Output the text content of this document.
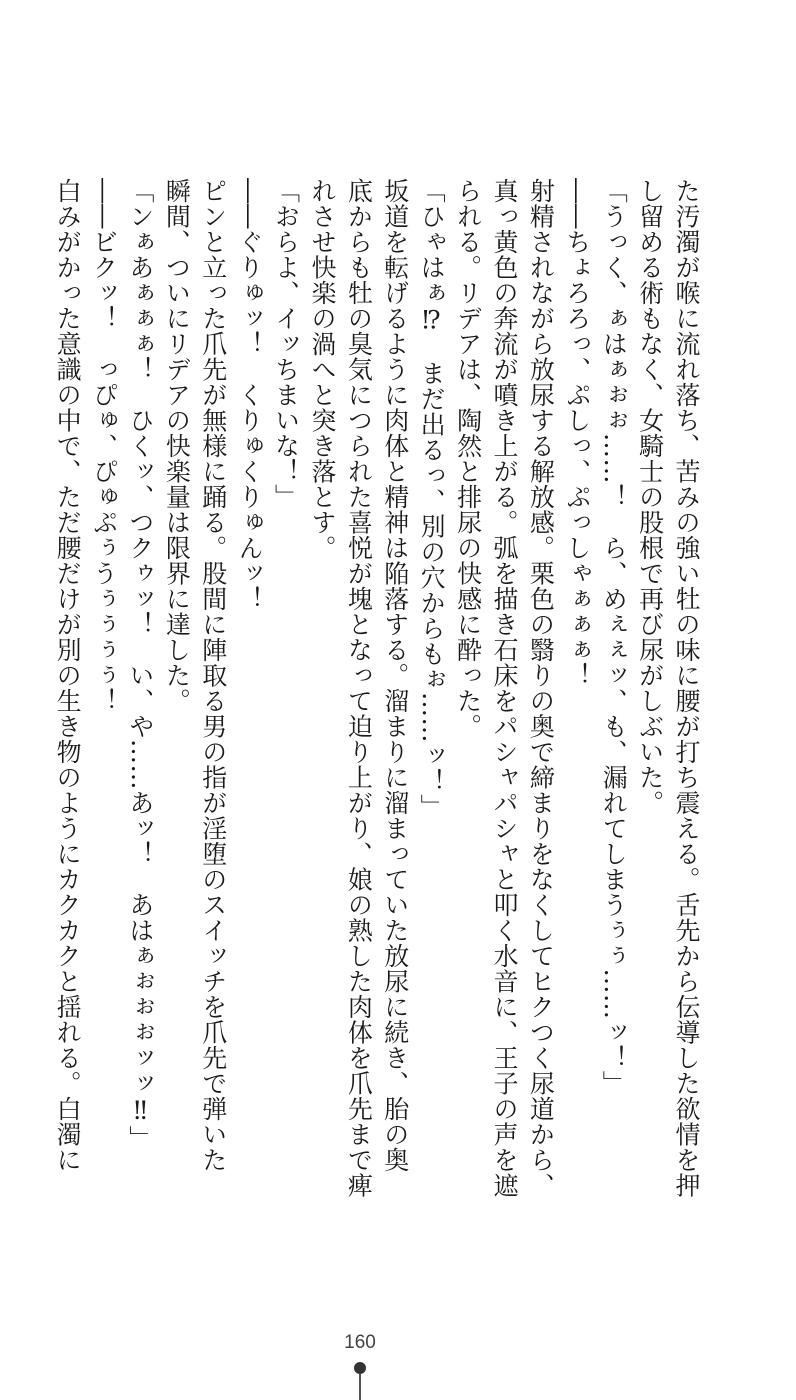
た汚濁が喉に流れ落ち、苦みの強い牡の味に腰が打ち震える。舌先から伝導した欲情を押
し留める術もなく、女騎士の股根で再び尿がしぶいた。
「うっく、ぁはぁぉぉ……！　ら、めぇぇッ、も、漏れてしまうぅぅ……ッ！」
――ちょろろっ、ぷしっ、ぷっしゃぁぁぁ！
射精されながら放尿する解放感。栗色の翳りの奥で締まりをなくしてヒクつく尿道から、
真っ黄色の奔流が噴き上がる。弧を描き石床をパシャパシャと叩く水音に、王子の声を遮
られる。リデアは、陶然と排尿の快感に酔った。
「ひゃはぁ⁉　まだ出るっ、別の穴からもぉ……ッ！」
坂道を転げるように肉体と精神は陥落する。溜まりに溜まっていた放尿に続き、胎の奥
底からも牡の臭気につられた喜悦が塊となって迫り上がり、娘の熟した肉体を爪先まで痺
れさせ快楽の渦へと突き落とす。
「おらよ、イッちまいな！」
――ぐりゅッ！　くりゅくりゅんッ！
ピンと立った爪先が無様に踊る。股間に陣取る男の指が淫堕のスイッチを爪先で弾いた
瞬間、ついにリデアの快楽量は限界に達した。
「ンぁあぁぁぁ！　ひくッ、つクゥッ！　い、や……あッ！　あはぁぉぉぉッッ‼」
――ビクッ！　っぴゅ、ぴゅぷぅうぅぅぅぅ！
白みがかった意識の中で、ただ腰だけが別の生き物のようにカクカクと揺れる。白濁に
160
